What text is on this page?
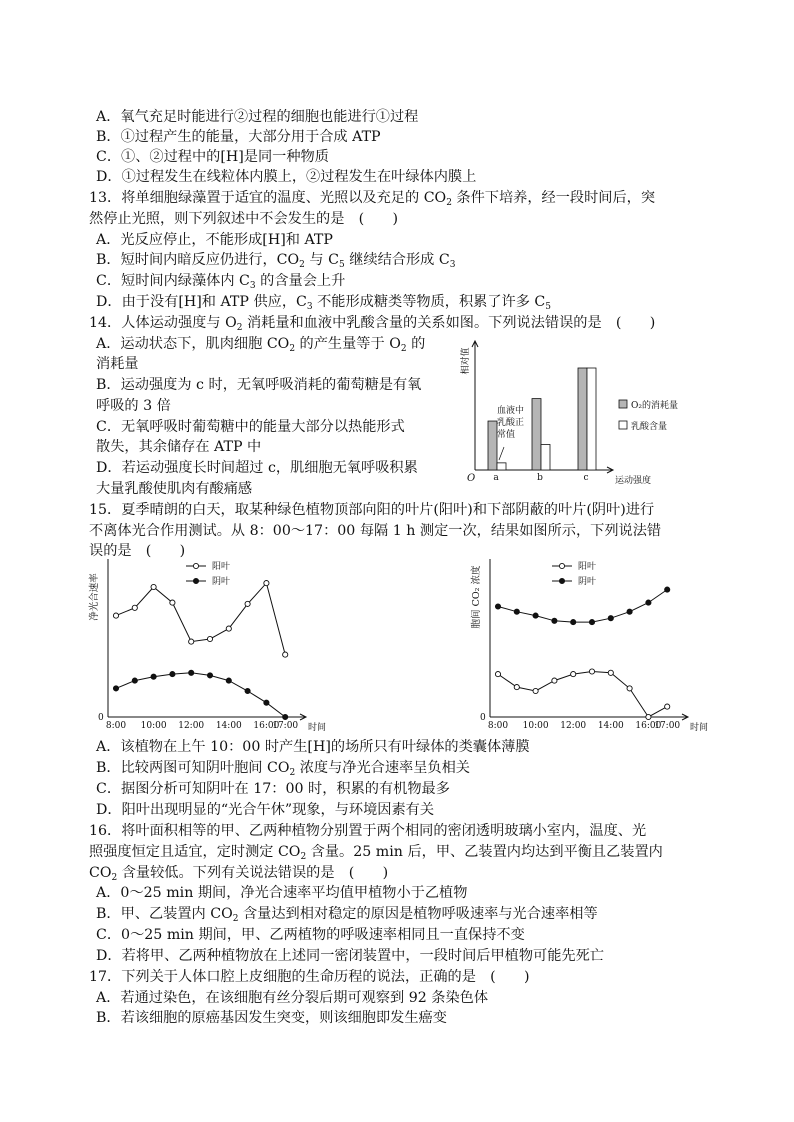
A．氧气充足时能进行②过程的细胞也能进行①过程
B．①过程产生的能量，大部分用于合成 ATP
C．①、②过程中的[H]是同一种物质
D．①过程发生在线粒体内膜上，②过程发生在叶绿体内膜上
13．将单细胞绿藻置于适宜的温度、光照以及充足的 $CO_2$ 条件下培养，经一段时间后，突
然停止光照，则下列叙述中不会发生的是　(　　)
A．光反应停止，不能形成[H]和 ATP
B．短时间内暗反应仍进行，$CO_2$ 与 $C_5$ 继续结合形成 $C_3$
C．短时间内绿藻体内 $C_3$ 的含量会上升
D．由于没有[H]和 ATP 供应，$C_3$ 不能形成糖类等物质，积累了许多 $C_5$
14．人体运动强度与 $O_2$ 消耗量和血液中乳酸含量的关系如图。下列说法错误的是　(　　)
A．运动状态下，肌肉细胞 $CO_2$ 的产生量等于 $O_2$ 的
消耗量
B．运动强度为 c 时，无氧呼吸消耗的葡萄糖是有氧
呼吸的 3 倍
C．无氧呼吸时葡萄糖中的能量大部分以热能形式
散失，其余储存在 ATP 中
D．若运动强度长时间超过 c，肌细胞无氧呼吸积累
大量乳酸使肌肉有酸痛感
相对值
O	运动强度
a	b	c
血液中
乳酸正
常值
O₂的消耗量
乳酸含量
15．夏季晴朗的白天，取某种绿色植物顶部向阳的叶片(阳叶)和下部阴蔽的叶片(阴叶)进行
不离体光合作用测试。从 8：00～17：00 每隔 1 h 测定一次，结果如图所示，下列说法错
误的是　(　　)
净光合速率
0
8:00 10:00 12:00 14:00 16:00
17:00 时间
阳叶
阴叶	胞间 CO₂ 浓度
0
8:00 10:00 12:00 14:00 16:00
17:00 时间
阳叶
阴叶
A．该植物在上午 10：00 时产生[H]的场所只有叶绿体的类囊体薄膜
B．比较两图可知阴叶胞间 $CO_2$ 浓度与净光合速率呈负相关
C．据图分析可知阴叶在 17：00 时，积累的有机物最多
D．阳叶出现明显的“光合午休”现象，与环境因素有关
16．将叶面积相等的甲、乙两种植物分别置于两个相同的密闭透明玻璃小室内，温度、光
照强度恒定且适宜，定时测定 $CO_2$ 含量。25 min 后，甲、乙装置内均达到平衡且乙装置内
$CO_2$ 含量较低。下列有关说法错误的是　(　　)
A．0～25 min 期间，净光合速率平均值甲植物小于乙植物
B．甲、乙装置内 $CO_2$ 含量达到相对稳定的原因是植物呼吸速率与光合速率相等
C．0～25 min 期间，甲、乙两植物的呼吸速率相同且一直保持不变
D．若将甲、乙两种植物放在上述同一密闭装置中，一段时间后甲植物可能先死亡
17．下列关于人体口腔上皮细胞的生命历程的说法，正确的是　(　　)
A．若通过染色，在该细胞有丝分裂后期可观察到 92 条染色体
B．若该细胞的原癌基因发生突变，则该细胞即发生癌变
